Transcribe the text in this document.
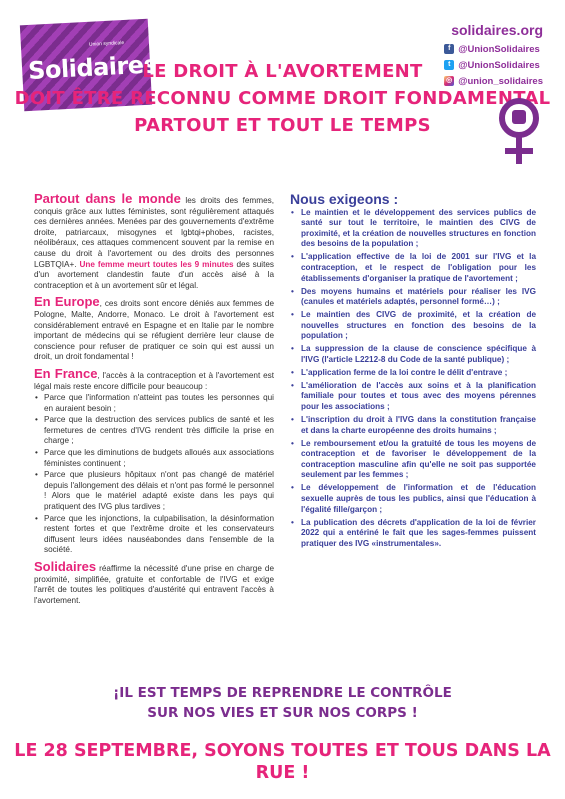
Union syndicale
Solidaires
solidaires.org
f @UnionSolidaires
t @UnionSolidaires
◎ @union_solidaires
LE DROIT À L'AVORTEMENT
DOIT ÊTRE RECONNU COMME DROIT FONDAMENTAL
PARTOUT ET TOUT LE TEMPS

Partout dans le monde les droits des femmes, conquis grâce aux luttes féministes, sont régulièrement attaqués ces dernières années. Menées par des gouvernements d'extrême droite, patriarcaux, misogynes et lgbtqi+phobes, racistes, néolibéraux, ces attaques commencent souvent par la remise en cause du droit à l'avortement ou des droits des personnes LGBTQIA+. Une femme meurt toutes les 9 minutes des suites d'un avortement clandestin faute d'un accès aisé à la contraception et à un avortement sûr et légal.

En Europe, ces droits sont encore déniés aux femmes de Pologne, Malte, Andorre, Monaco. Le droit à l'avortement est considérablement entravé en Espagne et en Italie par le nombre important de médecins qui se réfugient derrière leur clause de conscience pour refuser de pratiquer ce soin qui est aussi un droit, un droit fondamental !

En France, l'accès à la contraception et à l'avortement est légal mais reste encore difficile pour beaucoup :

• Parce que l'information n'atteint pas toutes les personnes qui en auraient besoin ;
• Parce que la destruction des services publics de santé et les fermetures de centres d'IVG rendent très difficile la prise en charge ;
• Parce que les diminutions de budgets alloués aux associations féministes continuent ;
• Parce que plusieurs hôpitaux n'ont pas changé de matériel depuis l'allongement des délais et n'ont pas formé le personnel ! Alors que le matériel adapté existe dans les pays qui pratiquent des IVG plus tardives ;
• Parce que les injonctions, la culpabilisation, la désinformation restent fortes et que l'extrême droite et les conservateurs diffusent leurs idées nauséabondes dans l'ensemble de la société.

Solidaires réaffirme la nécessité d'une prise en charge de proximité, simplifiée, gratuite et confortable de l'IVG et exige l'arrêt de toutes les politiques d'austérité qui entravent l'accès à l'avortement.

Nous exigeons :
• Le maintien et le développement des services publics de santé sur tout le territoire, le maintien des CIVG de proximité, et la création de nouvelles structures en fonction des besoins de la population ;
• L'application effective de la loi de 2001 sur l'IVG et la contraception, et le respect de l'obligation pour les établissements d'organiser la pratique de l'avortement ;
• Des moyens humains et matériels pour réaliser les IVG (canules et matériels adaptés, personnel formé…) ;
• Le maintien des CIVG de proximité, et la création de nouvelles structures en fonction des besoins de la population ;
• La suppression de la clause de conscience spécifique à l'IVG (l'article L2212-8 du Code de la santé publique) ;
• L'application ferme de la loi contre le délit d'entrave ;
• L'amélioration de l'accès aux soins et à la planification familiale pour toutes et tous avec des moyens pérennes pour les associations ;
• L'inscription du droit à l'IVG dans la constitution française et dans la charte européenne des droits humains ;
• Le remboursement et/ou la gratuité de tous les moyens de contraception et de favoriser le développement de la contraception masculine afin qu'elle ne soit pas supportée seulement par les femmes ;
• Le développement de l'information et de l'éducation sexuelle auprès de tous les publics, ainsi que l'éducation à l'égalité fille/garçon ;
• La publication des décrets d'application de la loi de février 2022 qui a entériné le fait que les sages-femmes puissent pratiquer des IVG «instrumentales».
¡IL EST TEMPS DE REPRENDRE LE CONTRÔLE
SUR NOS VIES ET SUR NOS CORPS !
LE 28 SEPTEMBRE, SOYONS TOUTES ET TOUS DANS LA RUE !
